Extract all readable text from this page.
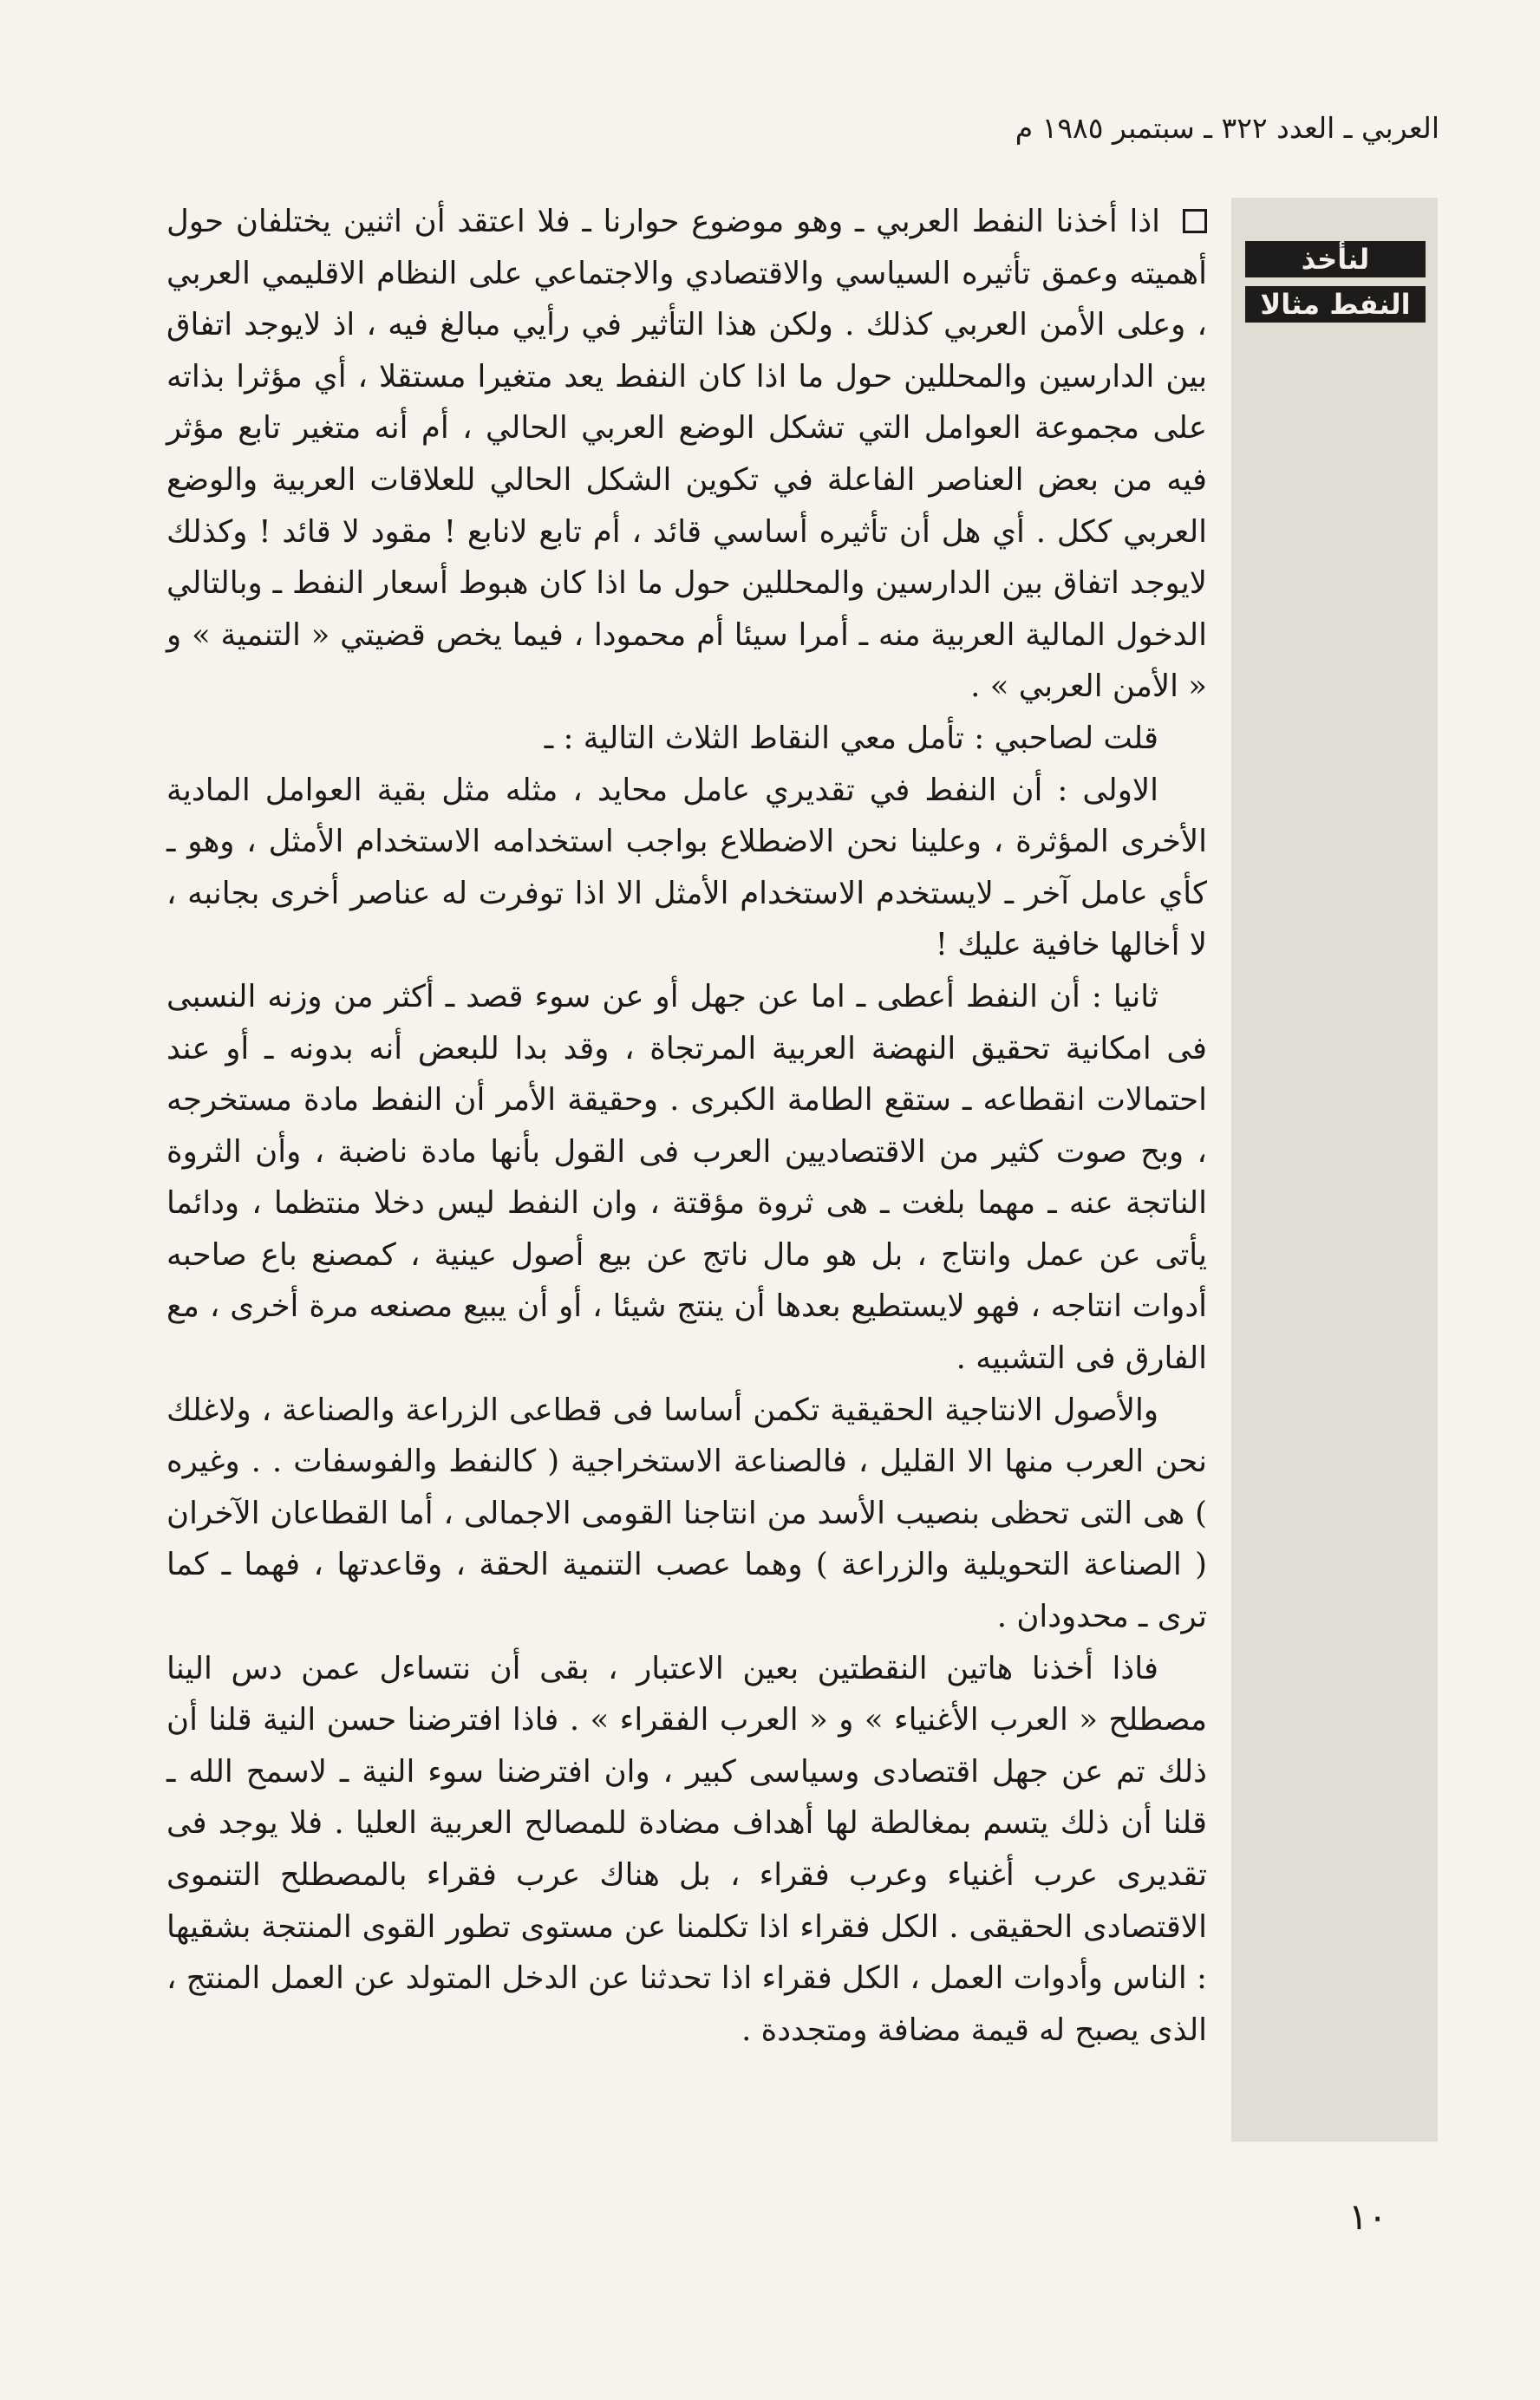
العربي ـ العدد ٣٢٢ ـ سبتمبر ١٩٨٥ م
لنأخذ
النفط مثالا

اذا أخذنا النفط العربي ـ وهو موضوع حوارنا ـ فلا اعتقد أن اثنين يختلفان حول أهميته وعمق تأثيره السياسي والاقتصادي والاجتماعي على النظام الاقليمي العربي ، وعلى الأمن العربي كذلك . ولكن هذا التأثير في رأيي مبالغ فيه ، اذ لايوجد اتفاق بين الدارسين والمحللين حول ما اذا كان النفط يعد متغيرا مستقلا ، أي مؤثرا بذاته على مجموعة العوامل التي تشكل الوضع العربي الحالي ، أم أنه متغير تابع مؤثر فيه من بعض العناصر الفاعلة في تكوين الشكل الحالي للعلاقات العربية والوضع العربي ككل . أي هل أن تأثيره أساسي قائد ، أم تابع لانابع ! مقود لا قائد ! وكذلك لايوجد اتفاق بين الدارسين والمحللين حول ما اذا كان هبوط أسعار النفط ـ وبالتالي الدخول المالية العربية منه ـ أمرا سيئا أم محمودا ، فيما يخص قضيتي « التنمية » و « الأمن العربي » .

قلت لصاحبي : تأمل معي النقاط الثلاث التالية : ـ

الاولى : أن النفط في تقديري عامل محايد ، مثله مثل بقية العوامل المادية الأخرى المؤثرة ، وعلينا نحن الاضطلاع بواجب استخدامه الاستخدام الأمثل ، وهو ـ كأي عامل آخر ـ لايستخدم الاستخدام الأمثل الا اذا توفرت له عناصر أخرى بجانبه ، لا أخالها خافية عليك !

ثانيا : أن النفط أعطى ـ اما عن جهل أو عن سوء قصد ـ أكثر من وزنه النسبى فى امكانية تحقيق النهضة العربية المرتجاة ، وقد بدا للبعض أنه بدونه ـ أو عند احتمالات انقطاعه ـ ستقع الطامة الكبرى . وحقيقة الأمر أن النفط مادة مستخرجه ، وبح صوت كثير من الاقتصاديين العرب فى القول بأنها مادة ناضبة ، وأن الثروة الناتجة عنه ـ مهما بلغت ـ هى ثروة مؤقتة ، وان النفط ليس دخلا منتظما ، ودائما يأتى عن عمل وانتاج ، بل هو مال ناتج عن بيع أصول عينية ، كمصنع باع صاحبه أدوات انتاجه ، فهو لايستطيع بعدها أن ينتج شيئا ، أو أن يبيع مصنعه مرة أخرى ، مع الفارق فى التشبيه .

والأصول الانتاجية الحقيقية تكمن أساسا فى قطاعى الزراعة والصناعة ، ولاغلك نحن العرب منها الا القليل ، فالصناعة الاستخراجية ( كالنفط والفوسفات . . وغيره ) هى التى تحظى بنصيب الأسد من انتاجنا القومى الاجمالى ، أما القطاعان الآخران ( الصناعة التحويلية والزراعة ) وهما عصب التنمية الحقة ، وقاعدتها ، فهما ـ كما ترى ـ محدودان .

فاذا أخذنا هاتين النقطتين بعين الاعتبار ، بقى أن نتساءل عمن دس الينا مصطلح « العرب الأغنياء » و « العرب الفقراء » . فاذا افترضنا حسن النية قلنا أن ذلك تم عن جهل اقتصادى وسياسى كبير ، وان افترضنا سوء النية ـ لاسمح الله ـ قلنا أن ذلك يتسم بمغالطة لها أهداف مضادة للمصالح العربية العليا . فلا يوجد فى تقديرى عرب أغنياء وعرب فقراء ، بل هناك عرب فقراء بالمصطلح التنموى الاقتصادى الحقيقى . الكل فقراء اذا تكلمنا عن مستوى تطور القوى المنتجة بشقيها : الناس وأدوات العمل ، الكل فقراء اذا تحدثنا عن الدخل المتولد عن العمل المنتج ، الذى يصبح له قيمة مضافة ومتجددة .

١٠
